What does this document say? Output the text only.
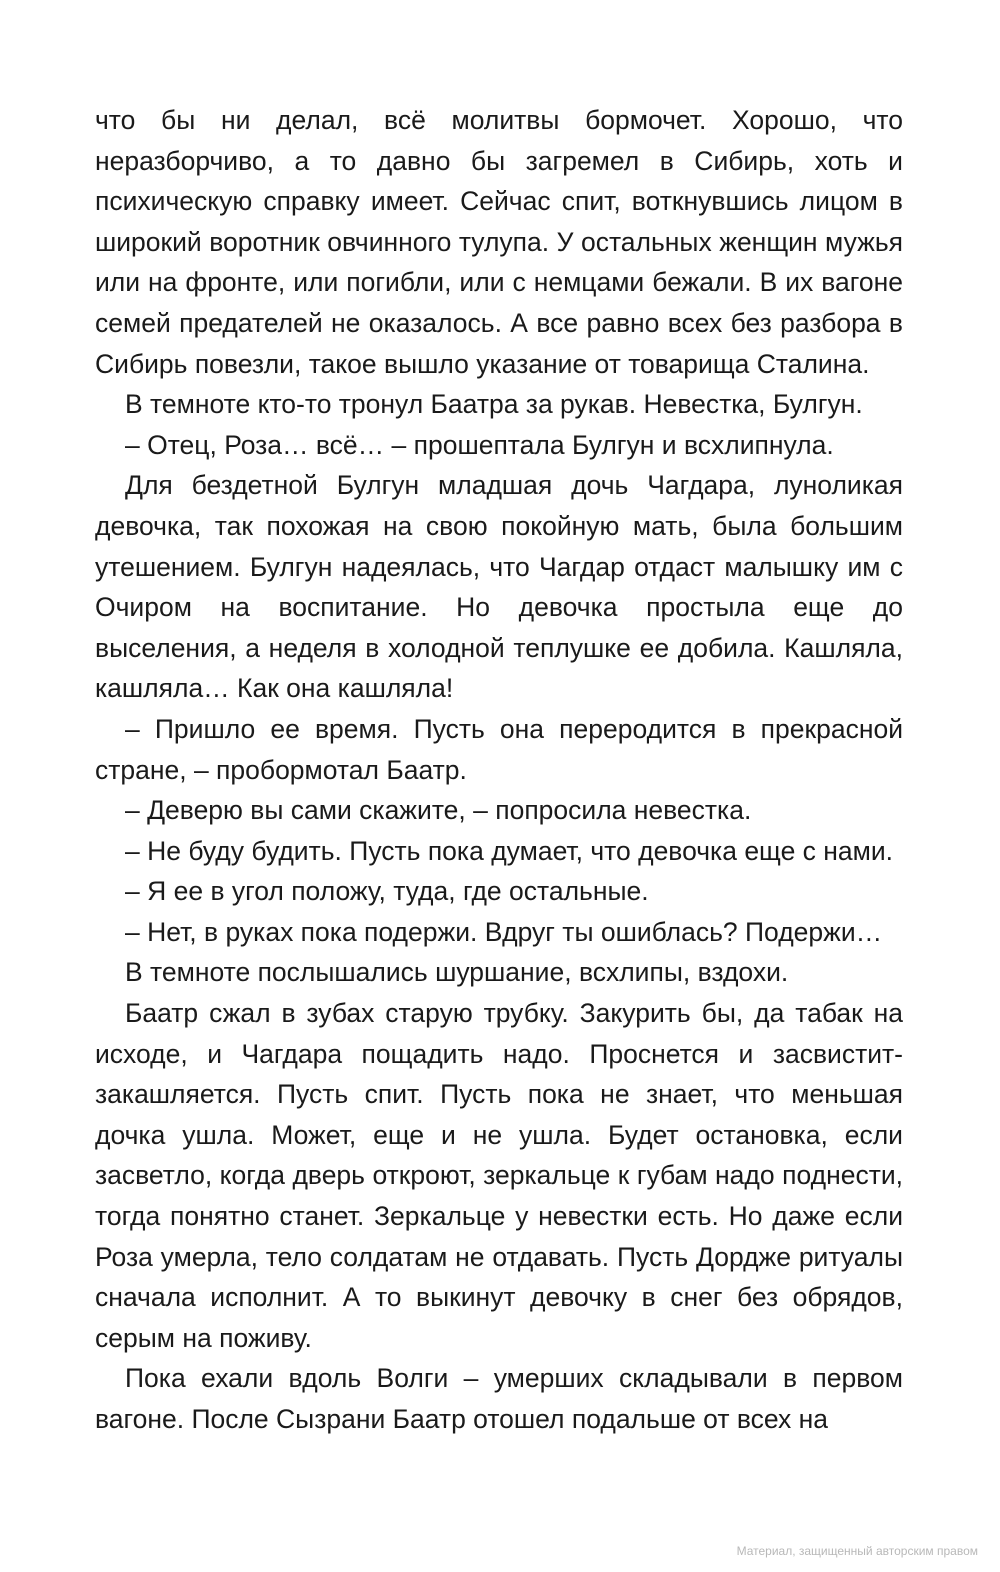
что бы ни делал, всё молитвы бормочет. Хорошо, что неразборчиво, а то давно бы загремел в Сибирь, хоть и психическую справку имеет. Сейчас спит, воткнувшись лицом в широкий воротник овчинного тулупа. У остальных женщин мужья или на фронте, или погибли, или с немцами бежали. В их вагоне семей предателей не оказалось. А все равно всех без разбора в Сибирь повезли, такое вышло указание от товарища Сталина.

В темноте кто-то тронул Баатра за рукав. Невестка, Булгун.

– Отец, Роза… всё… – прошептала Булгун и всхлипнула.

Для бездетной Булгун младшая дочь Чагдара, луноликая девочка, так похожая на свою покойную мать, была большим утешением. Булгун надеялась, что Чагдар отдаст малышку им с Очиром на воспитание. Но девочка простыла еще до выселения, а неделя в холодной теплушке ее добила. Кашляла, кашляла… Как она кашляла!

– Пришло ее время. Пусть она переродится в прекрасной стране, – пробормотал Баатр.

– Деверю вы сами скажите, – попросила невестка.

– Не буду будить. Пусть пока думает, что девочка еще с нами.

– Я ее в угол положу, туда, где остальные.

– Нет, в руках пока подержи. Вдруг ты ошиблась? Подержи…

В темноте послышались шуршание, всхлипы, вздохи.

Баатр сжал в зубах старую трубку. Закурить бы, да табак на исходе, и Чагдара пощадить надо. Проснется и засвистит-закашляется. Пусть спит. Пусть пока не знает, что меньшая дочка ушла. Может, еще и не ушла. Будет остановка, если засветло, когда дверь откроют, зеркальце к губам надо поднести, тогда понятно станет. Зеркальце у невестки есть. Но даже если Роза умерла, тело солдатам не отдавать. Пусть Дордже ритуалы сначала исполнит. А то выкинут девочку в снег без обрядов, серым на поживу.

Пока ехали вдоль Волги – умерших складывали в первом вагоне. После Сызрани Баатр отошел подальше от всех на

Материал, защищенный авторским правом
